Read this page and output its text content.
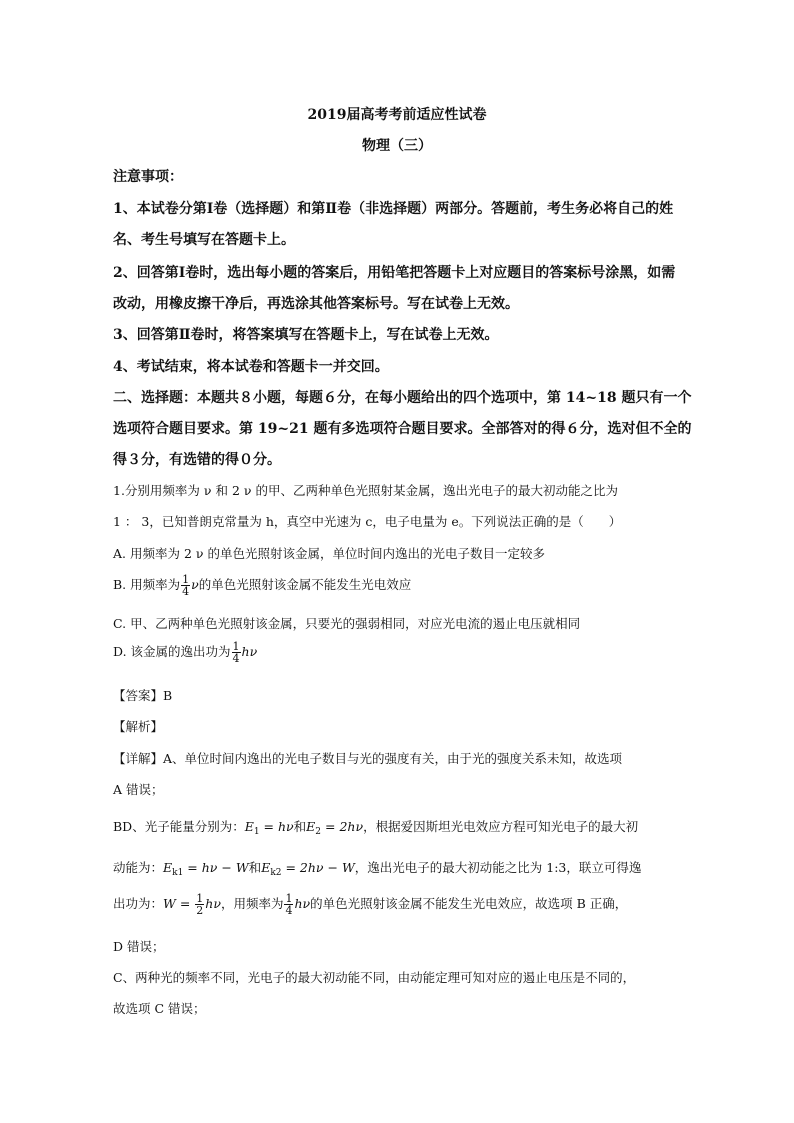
2019届高考考前适应性试卷
物理（三）
注意事项：
1、本试卷分第Ⅰ卷（选择题）和第Ⅱ卷（非选择题）两部分。答题前，考生务必将自己的姓
名、考生号填写在答题卡上。
2、回答第Ⅰ卷时，选出每小题的答案后，用铅笔把答题卡上对应题目的答案标号涂黑，如需
改动，用橡皮擦干净后，再选涂其他答案标号。写在试卷上无效。
3、回答第Ⅱ卷时，将答案填写在答题卡上，写在试卷上无效。
4、考试结束，将本试卷和答题卡一并交回。
二、选择题：本题共８小题，每题６分，在每小题给出的四个选项中，第 14~18 题只有一个
选项符合题目要求。第 19~21 题有多选项符合题目要求。全部答对的得６分，选对但不全的
得３分，有选错的得０分。
1.分别用频率为 ν 和 2 ν 的甲、乙两种单色光照射某金属，逸出光电子的最大初动能之比为
1 ： 3，已知普朗克常量为 h，真空中光速为 c，电子电量为 e。下列说法正确的是（　　）
A. 用频率为 2 ν 的单色光照射该金属，单位时间内逸出的光电子数目一定较多
B. 用频率为 $\frac{1}{4}$ ν的单色光照射该金属不能发生光电效应
C. 甲、乙两种单色光照射该金属，只要光的强弱相同，对应光电流的遏止电压就相同
D. 该金属的逸出功为 $\frac{1}{4}$ hν
【答案】B
【解析】
【详解】A、单位时间内逸出的光电子数目与光的强度有关，由于光的强度关系未知，故选项
A 错误；
BD、光子能量分别为：$E_1 = h\nu$和$E_2 = 2h\nu$，根据爱因斯坦光电效应方程可知光电子的最大初
动能为：$E_{k1} = h\nu - W$和$E_{k2} = 2h\nu - W$，逸出光电子的最大初动能之比为 1:3，联立可得逸
出功为：$W = \frac{1}{2}$ hν，用频率为 $\frac{1}{4}$ hν的单色光照射该金属不能发生光电效应，故选项 B 正确，
D 错误；
C、两种光的频率不同，光电子的最大初动能不同，由动能定理可知对应的遏止电压是不同的，
故选项 C 错误；
